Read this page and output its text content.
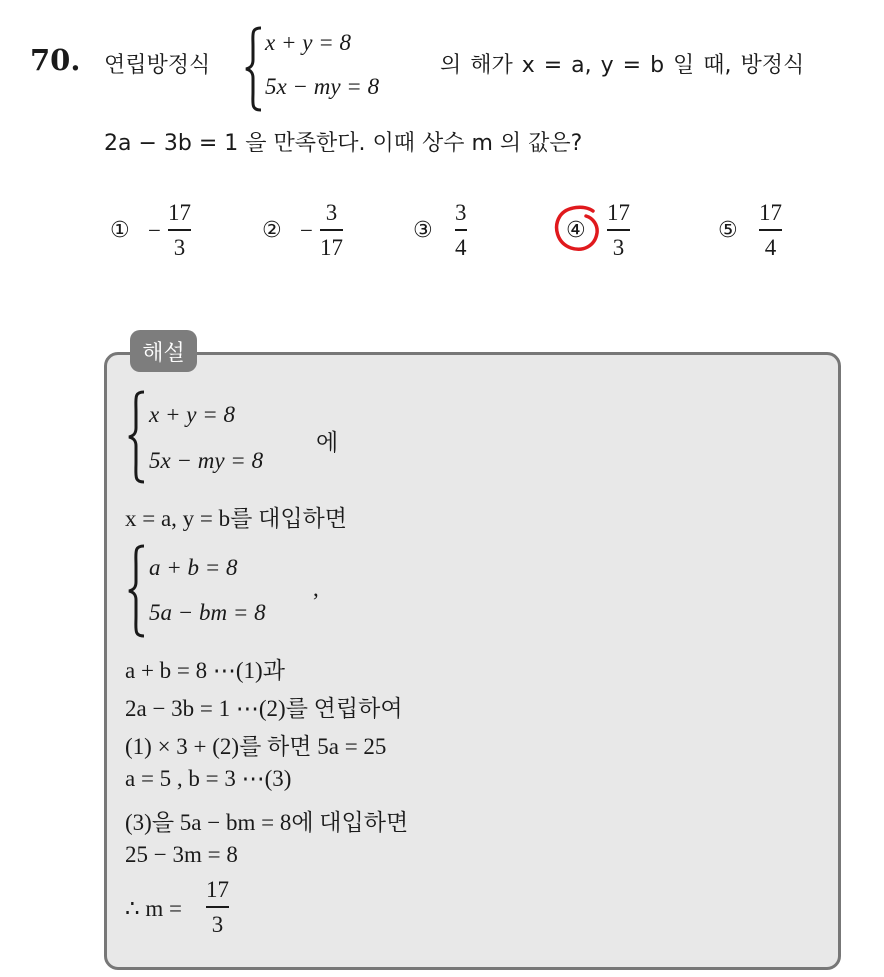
70. 연립방정식
x + y = 8
5x − my = 8
의 해가 x = a, y = b 일 때, 방정식
2a − 3b = 1 을 만족한다. 이때 상수 m 의 값은?
① −
17
3
② −
3
17
③
3
4
④
17
3
⑤
17
4
해설
x + y = 8
5x − my = 8
에
x = a, y = b를 대입하면
a + b = 8
5a − bm = 8
,
a + b = 8 ⋯(1)과
2a − 3b = 1 ⋯(2)를 연립하여
(1) × 3 + (2)를 하면 5a = 25
a = 5 , b = 3 ⋯(3)
(3)을 5a − bm = 8에 대입하면
25 − 3m = 8
∴ m =
17
3
